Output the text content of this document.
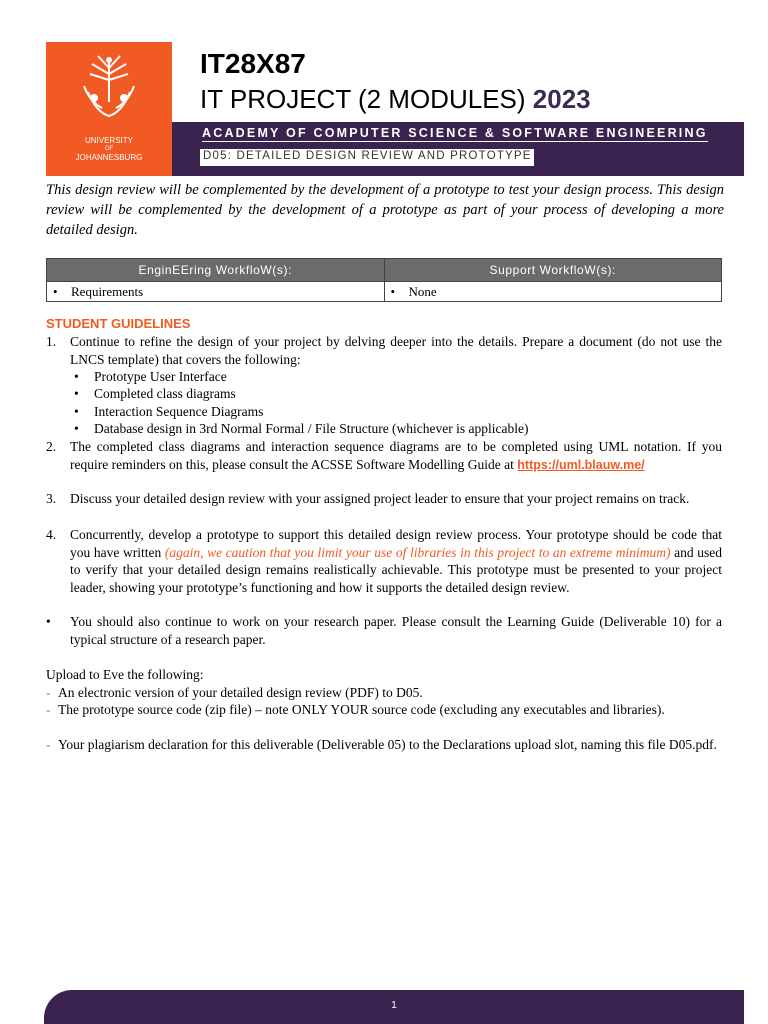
UNIVERSITY
OF
JOHANNESBURG
IT28X87
IT PROJECT (2 MODULES) 2023
ACADEMY OF COMPUTER SCIENCE & SOFTWARE ENGINEERING
D05: DETAILED DESIGN REVIEW AND PROTOTYPE
This design review will be complemented by the development of a prototype to test your design process. This design review will be complemented by the development of a prototype as part of your process of developing a more detailed design.
EnginEEring WorkfloW(s):	Support WorkfloW(s):
• Requirements	• None
STUDENT GUIDELINES
1. Continue to refine the design of your project by delving deeper into the details. Prepare a document (do not use the LNCS template) that covers the following:
• Prototype User Interface
• Completed class diagrams
• Interaction Sequence Diagrams
• Database design in 3rd Normal Formal / File Structure (whichever is applicable)
2. The completed class diagrams and interaction sequence diagrams are to be completed using UML notation. If you require reminders on this, please consult the ACSSE Software Modelling Guide at https://uml.blauw.me/
3. Discuss your detailed design review with your assigned project leader to ensure that your project remains on track.
4. Concurrently, develop a prototype to support this detailed design review process. Your prototype should be code that you have written (again, we caution that you limit your use of libraries in this project to an extreme minimum) and used to verify that your detailed design remains realistically achievable. This prototype must be presented to your project leader, showing your prototype’s functioning and how it supports the detailed design review.
• You should also continue to work on your research paper. Please consult the Learning Guide (Deliverable 10) for a typical structure of a research paper.
Upload to Eve the following:
- An electronic version of your detailed design review (PDF) to D05.
- The prototype source code (zip file) – note ONLY YOUR source code (excluding any executables and libraries).
- Your plagiarism declaration for this deliverable (Deliverable 05) to the Declarations upload slot, naming this file D05.pdf.
1
